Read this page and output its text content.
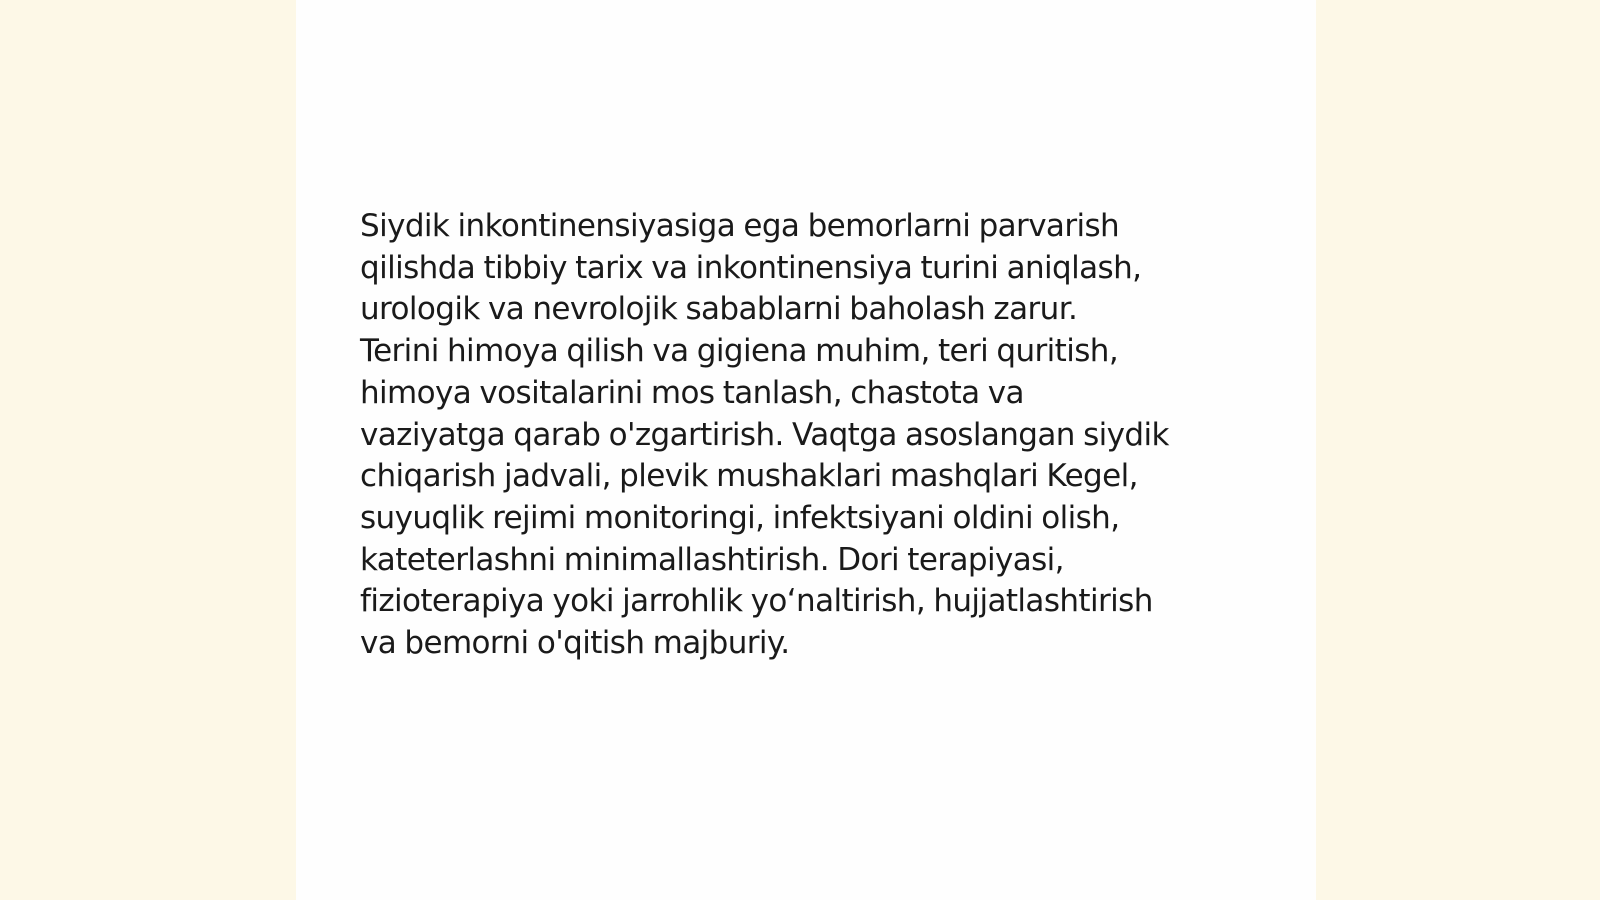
Siydik inkontinensiyasiga ega bemorlarni parvarish
qilishda tibbiy tarix va inkontinensiya turini aniqlash,
urologik va nevrolojik sabablarni baholash zarur.
Terini himoya qilish va gigiena muhim, teri quritish,
himoya vositalarini mos tanlash, chastota va
vaziyatga qarab o'zgartirish. Vaqtga asoslangan siydik
chiqarish jadvali, plevik mushaklari mashqlari Kegel,
suyuqlik rejimi monitoringi, infektsiyani oldini olish,
kateterlashni minimallashtirish. Dori terapiyasi,
fizioterapiya yoki jarrohlik yoʻnaltirish, hujjatlashtirish
va bemorni o'qitish majburiy.
